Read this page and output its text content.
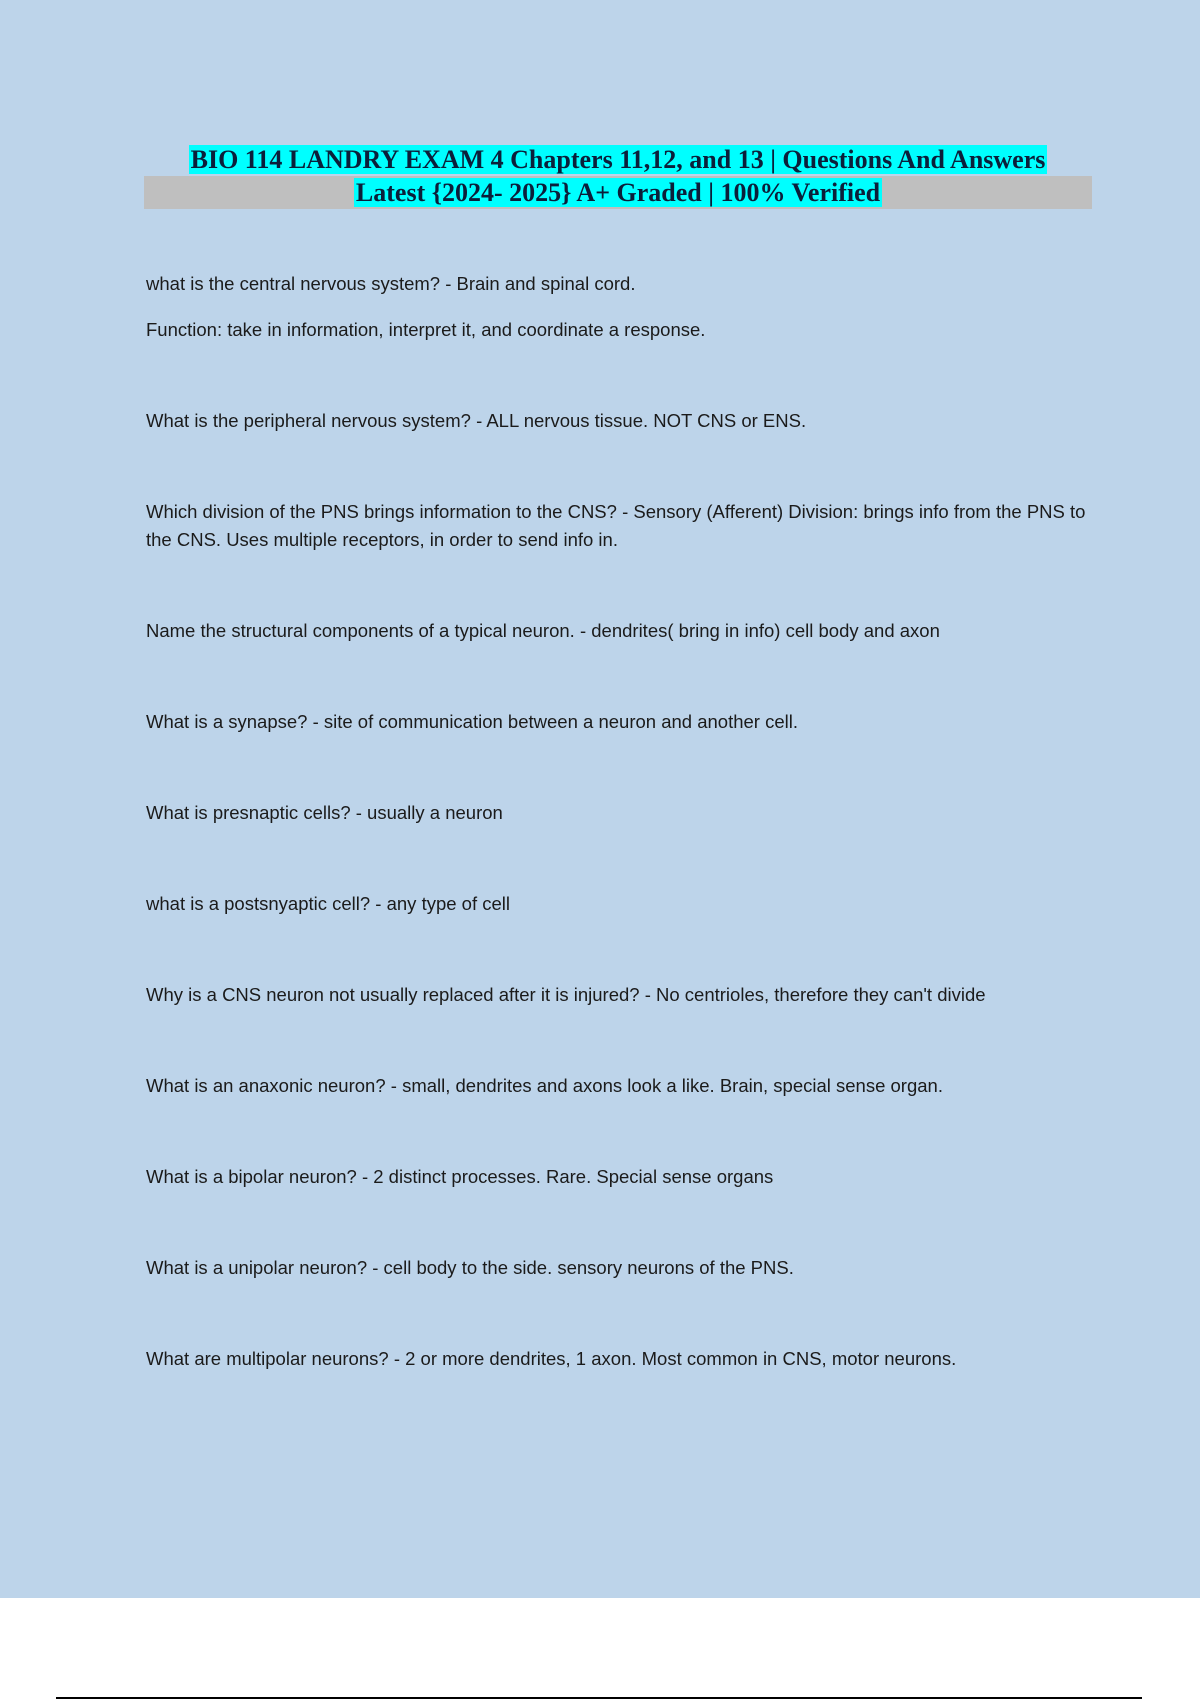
BIO 114 LANDRY EXAM 4 Chapters 11,12, and 13 | Questions And Answers
Latest {2024- 2025} A+ Graded | 100% Verified

what is the central nervous system? - Brain and spinal cord.

Function: take in information, interpret it, and coordinate a response.

What is the peripheral nervous system? - ALL nervous tissue. NOT CNS or ENS.

Which division of the PNS brings information to the CNS? - Sensory (Afferent) Division: brings info from the PNS to the CNS. Uses multiple receptors, in order to send info in.

Name the structural components of a typical neuron. - dendrites( bring in info) cell body and axon

What is a synapse? - site of communication between a neuron and another cell.

What is presnaptic cells? - usually a neuron

what is a postsnyaptic cell? - any type of cell

Why is a CNS neuron not usually replaced after it is injured? - No centrioles, therefore they can't divide

What is an anaxonic neuron? - small, dendrites and axons look a like. Brain, special sense organ.

What is a bipolar neuron? - 2 distinct processes. Rare. Special sense organs

What is a unipolar neuron? - cell body to the side. sensory neurons of the PNS.

What are multipolar neurons? - 2 or more dendrites, 1 axon. Most common in CNS, motor neurons.
